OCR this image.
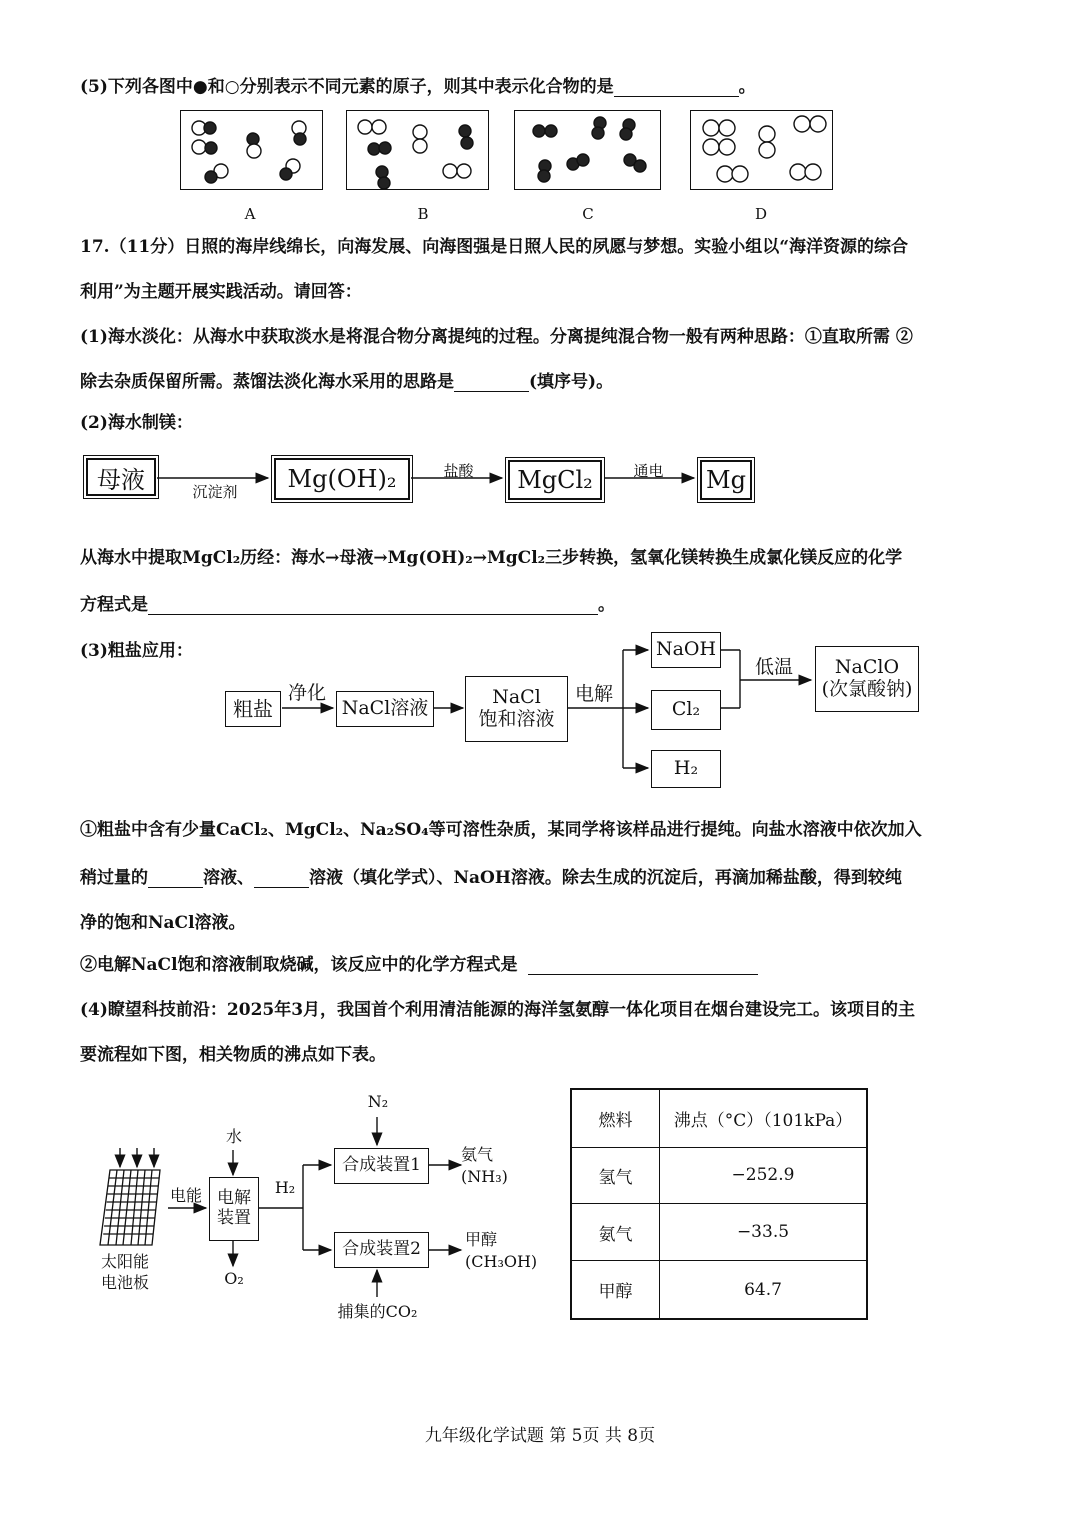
(5)下列各图中●和○分别表示不同元素的原子，则其中表示化合物的是	。
A	B	C	D
17.（11分）日照的海岸线绵长，向海发展、向海图强是日照人民的夙愿与梦想。实验小组以“海洋资源的综合
利用”为主题开展实践活动。请回答：
(1)海水淡化：从海水中获取淡水是将混合物分离提纯的过程。分离提纯混合物一般有两种思路：①直取所需 ②
除去杂质保留所需。蒸馏法淡化海水采用的思路是	(填序号)。
(2)海水制镁：
母液	沉淀剂	Mg(OH)₂	盐酸	MgCl₂	通电	Mg
从海水中提取MgCl₂历经：海水→母液→Mg(OH)₂→MgCl₂三步转换，氢氧化镁转换生成氯化镁反应的化学
方程式是	。
(3)粗盐应用：
粗盐
净化
NaCl溶液	NaCl
饱和溶液
电解
NaOH
Cl₂
H₂
低温 NaClO
(次氯酸钠)
①粗盐中含有少量CaCl₂、MgCl₂、Na₂SO₄等可溶性杂质，某同学将该样品进行提纯。向盐水溶液中依次加入
稍过量的	溶液、	溶液（填化学式）、NaOH溶液。除去生成的沉淀后，再滴加稀盐酸，得到较纯
净的饱和NaCl溶液。
②电解NaCl饱和溶液制取烧碱，该反应中的化学方程式是
(4)瞭望科技前沿：2025年3月，我国首个利用清洁能源的海洋氢氨醇一体化项目在烟台建设完工。该项目的主
要流程如下图，相关物质的沸点如下表。
太阳能
电池板
电能
水
电解
装置
O₂
H₂
N₂
合成装置1
合成装置2
氨气
(NH₃)
甲醇
(CH₃OH)
捕集的CO₂
燃料	沸点（°C）（101kPa）
氢气	−252.9
氨气	−33.5
甲醇	64.7
九年级化学试题 第 5页 共 8页
